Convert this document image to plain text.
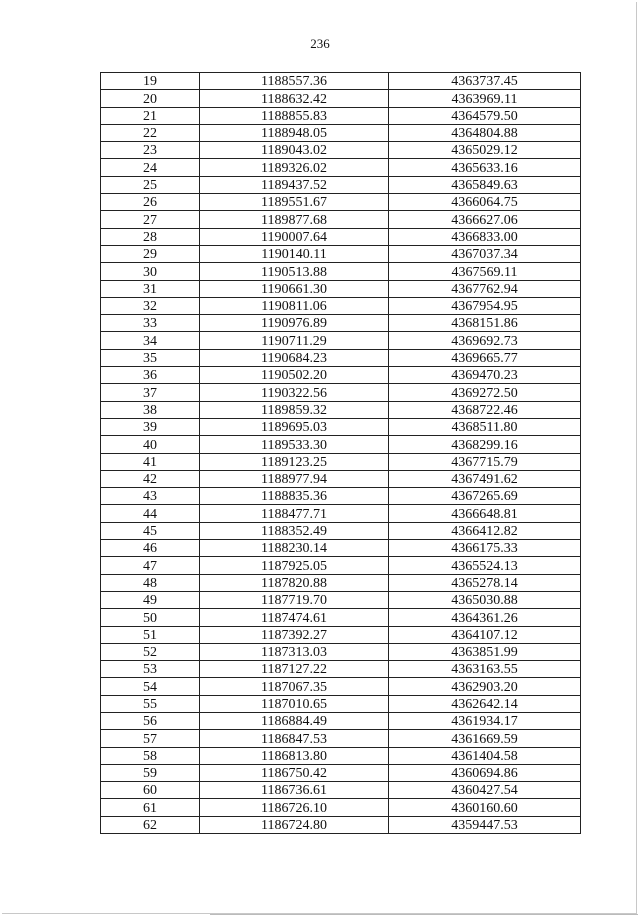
236
19	1188557.36	4363737.45
20	1188632.42	4363969.11
21	1188855.83	4364579.50
22	1188948.05	4364804.88
23	1189043.02	4365029.12
24	1189326.02	4365633.16
25	1189437.52	4365849.63
26	1189551.67	4366064.75
27	1189877.68	4366627.06
28	1190007.64	4366833.00
29	1190140.11	4367037.34
30	1190513.88	4367569.11
31	1190661.30	4367762.94
32	1190811.06	4367954.95
33	1190976.89	4368151.86
34	1190711.29	4369692.73
35	1190684.23	4369665.77
36	1190502.20	4369470.23
37	1190322.56	4369272.50
38	1189859.32	4368722.46
39	1189695.03	4368511.80
40	1189533.30	4368299.16
41	1189123.25	4367715.79
42	1188977.94	4367491.62
43	1188835.36	4367265.69
44	1188477.71	4366648.81
45	1188352.49	4366412.82
46	1188230.14	4366175.33
47	1187925.05	4365524.13
48	1187820.88	4365278.14
49	1187719.70	4365030.88
50	1187474.61	4364361.26
51	1187392.27	4364107.12
52	1187313.03	4363851.99
53	1187127.22	4363163.55
54	1187067.35	4362903.20
55	1187010.65	4362642.14
56	1186884.49	4361934.17
57	1186847.53	4361669.59
58	1186813.80	4361404.58
59	1186750.42	4360694.86
60	1186736.61	4360427.54
61	1186726.10	4360160.60
62	1186724.80	4359447.53
